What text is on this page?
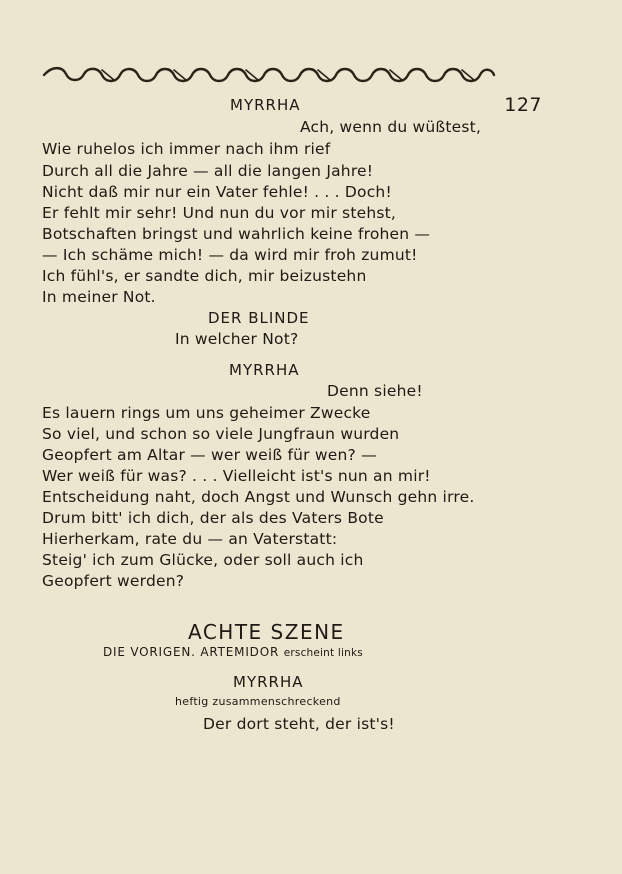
127
MYRRHA
Ach, wenn du wüßtest,
Wie ruhelos ich immer nach ihm rief
Durch all die Jahre — all die langen Jahre!
Nicht daß mir nur ein Vater fehle! . . . Doch!
Er fehlt mir sehr! Und nun du vor mir stehst,
Botschaften bringst und wahrlich keine frohen —
— Ich schäme mich! — da wird mir froh zumut!
Ich fühl's, er sandte dich, mir beizustehn
In meiner Not.
DER BLINDE
In welcher Not?
MYRRHA
Denn siehe!
Es lauern rings um uns geheimer Zwecke
So viel, und schon so viele Jungfraun wurden
Geopfert am Altar — wer weiß für wen? —
Wer weiß für was? . . . Vielleicht ist's nun an mir!
Entscheidung naht, doch Angst und Wunsch gehn irre.
Drum bitt' ich dich, der als des Vaters Bote
Hierherkam, rate du — an Vaterstatt:
Steig' ich zum Glücke, oder soll auch ich
Geopfert werden?
ACHTE SZENE
DIE VORIGEN. ARTEMIDOR erscheint links
MYRRHA
heftig zusammenschreckend
Der dort steht, der ist's!
